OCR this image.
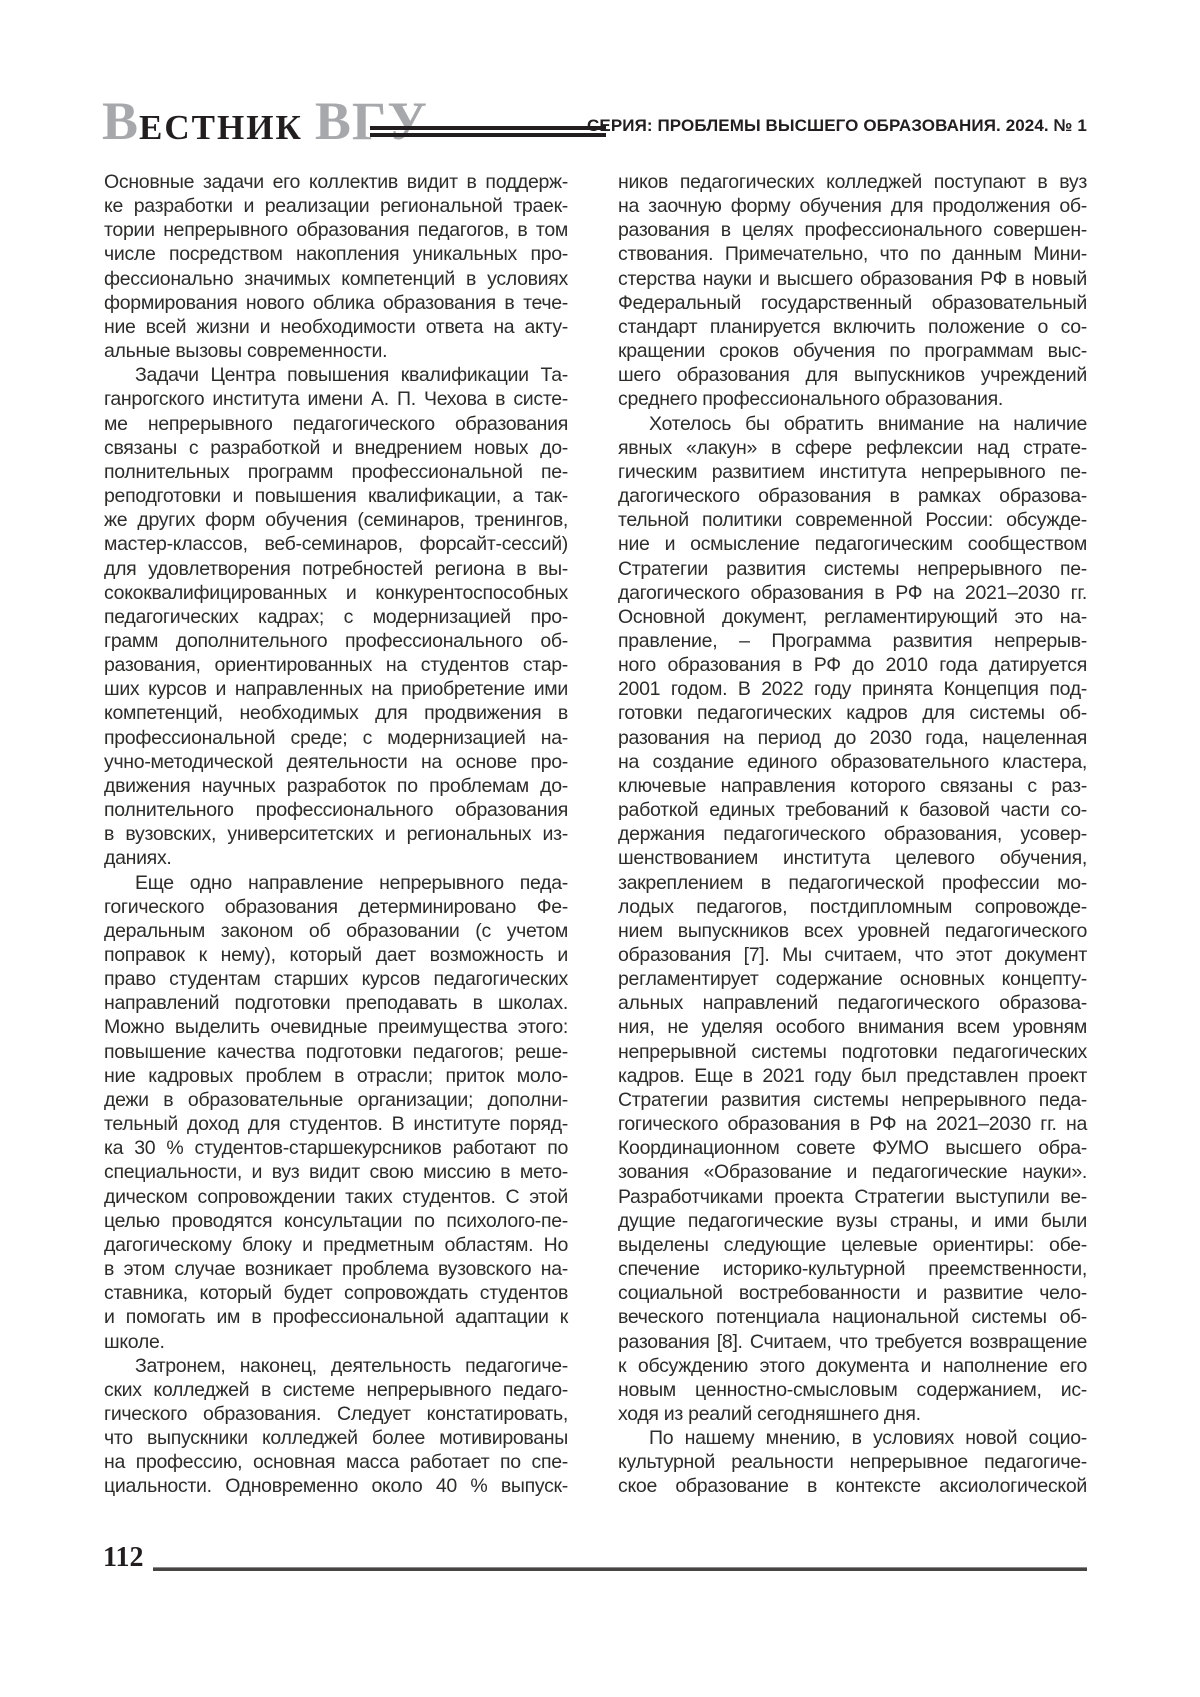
В ЕСТНИК ВГУ	СЕРИЯ: ПРОБЛЕМЫ ВЫСШЕГО ОБРАЗОВАНИЯ. 2024. № 1
Основные задачи его коллектив видит в поддерж-
ке разработки и реализации региональной траек-
тории непрерывного образования педагогов, в том
числе посредством накопления уникальных про-
фессионально значимых компетенций в условиях
формирования нового облика образования в тече-
ние всей жизни и необходимости ответа на акту-
альные вызовы современности.
Задачи Центра повышения квалификации Та-
ганрогского института имени А. П. Чехова в систе-
ме непрерывного педагогического образования
связаны с разработкой и внедрением новых до-
полнительных программ профессиональной пе-
реподготовки и повышения квалификации, а так-
же других форм обучения (семинаров, тренингов,
мастер-классов, веб-семинаров, форсайт-сессий)
для удовлетворения потребностей региона в вы-
сококвалифицированных и конкурентоспособных
педагогических кадрах; с модернизацией про-
грамм дополнительного профессионального об-
разования, ориентированных на студентов стар-
ших курсов и направленных на приобретение ими
компетенций, необходимых для продвижения в
профессиональной среде; с модернизацией на-
учно-методической деятельности на основе про-
движения научных разработок по проблемам до-
полнительного профессионального образования
в вузовских, университетских и региональных из-
даниях.
Еще одно направление непрерывного педа-
гогического образования детерминировано Фе-
деральным законом об образовании (с учетом
поправок к нему), который дает возможность и
право студентам старших курсов педагогических
направлений подготовки преподавать в школах.
Можно выделить очевидные преимущества этого:
повышение качества подготовки педагогов; реше-
ние кадровых проблем в отрасли; приток моло-
дежи в образовательные организации; дополни-
тельный доход для студентов. В институте поряд-
ка 30 % студентов-старшекурсников работают по
специальности, и вуз видит свою миссию в мето-
дическом сопровождении таких студентов. С этой
целью проводятся консультации по психолого-пе-
дагогическому блоку и предметным областям. Но
в этом случае возникает проблема вузовского на-
ставника, который будет сопровождать студентов
и помогать им в профессиональной адаптации к
школе.
Затронем, наконец, деятельность педагогиче-
ских колледжей в системе непрерывного педаго-
гического образования. Следует констатировать,
что выпускники колледжей более мотивированы
на профессию, основная масса работает по спе-
циальности. Одновременно около 40 % выпуск-
ников педагогических колледжей поступают в вуз
на заочную форму обучения для продолжения об-
разования в целях профессионального совершен-
ствования. Примечательно, что по данным Мини-
стерства науки и высшего образования РФ в новый
Федеральный государственный образовательный
стандарт планируется включить положение о со-
кращении сроков обучения по программам выс-
шего образования для выпускников учреждений
среднего профессионального образования.
Хотелось бы обратить внимание на наличие
явных «лакун» в сфере рефлексии над страте-
гическим развитием института непрерывного пе-
дагогического образования в рамках образова-
тельной политики современной России: обсужде-
ние и осмысление педагогическим сообществом
Стратегии развития системы непрерывного пе-
дагогического образования в РФ на 2021–2030 гг.
Основной документ, регламентирующий это на-
правление, – Программа развития непрерыв-
ного образования в РФ до 2010 года датируется
2001 годом. В 2022 году принята Концепция под-
готовки педагогических кадров для системы об-
разования на период до 2030 года, нацеленная
на создание единого образовательного кластера,
ключевые направления которого связаны с раз-
работкой единых требований к базовой части со-
держания педагогического образования, усовер-
шенствованием института целевого обучения,
закреплением в педагогической профессии мо-
лодых педагогов, постдипломным сопровожде-
нием выпускников всех уровней педагогического
образования [7]. Мы считаем, что этот документ
регламентирует содержание основных концепту-
альных направлений педагогического образова-
ния, не уделяя особого внимания всем уровням
непрерывной системы подготовки педагогических
кадров. Еще в 2021 году был представлен проект
Стратегии развития системы непрерывного педа-
гогического образования в РФ на 2021–2030 гг. на
Координационном совете ФУМО высшего обра-
зования «Образование и педагогические науки».
Разработчиками проекта Стратегии выступили ве-
дущие педагогические вузы страны, и ими были
выделены следующие целевые ориентиры: обе-
спечение историко-культурной преемственности,
социальной востребованности и развитие чело-
веческого потенциала национальной системы об-
разования [8]. Считаем, что требуется возвращение
к обсуждению этого документа и наполнение его
новым ценностно-смысловым содержанием, ис-
ходя из реалий сегодняшнего дня.
По нашему мнению, в условиях новой социо-
культурной реальности непрерывное педагогиче-
ское образование в контексте аксиологической
112
